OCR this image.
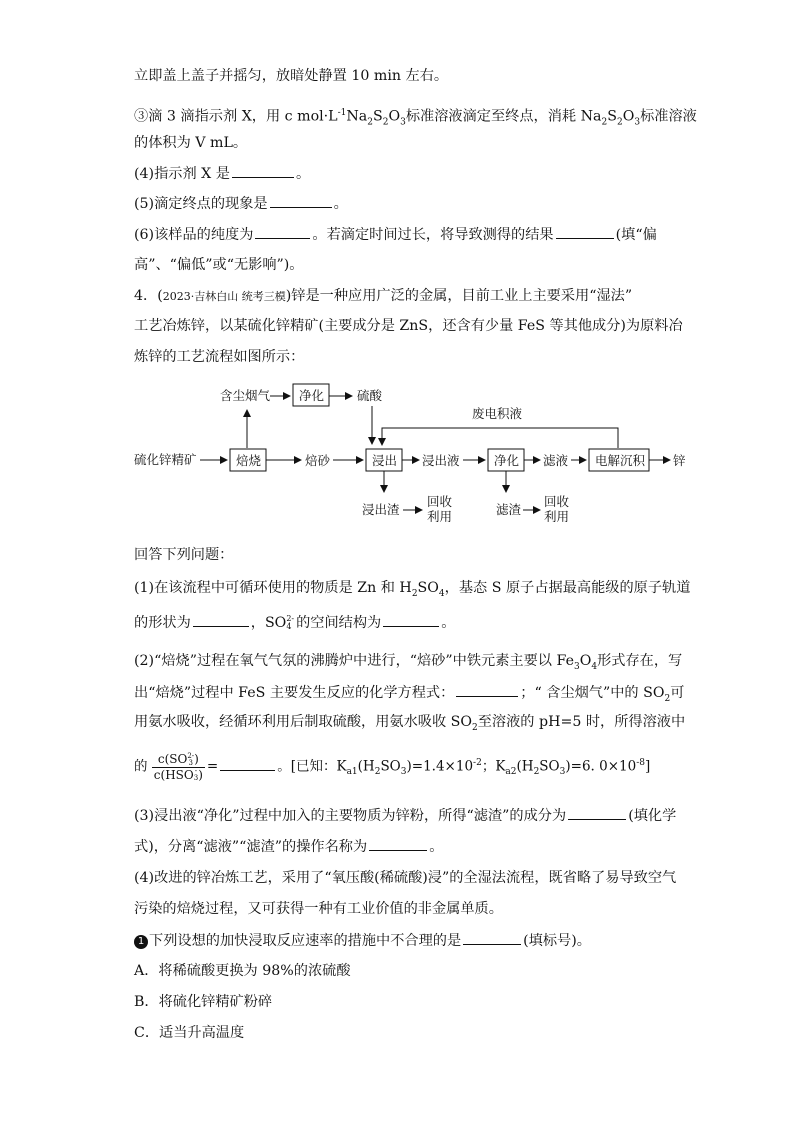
立即盖上盖子并摇匀，放暗处静置 10 min 左右。
③滴 3 滴指示剂 X，用 c $mol\cdot L^{-1}Na_2S_2O_3$标准溶液滴定至终点，消耗 $Na_2S_2O_3$标准溶液
的体积为 V mL。
(4)指示剂 X 是	。
(5)滴定终点的现象是	。
(6)该样品的纯度为	。若滴定时间过长，将导致测得的结果	(填“偏
高”、“偏低”或“无影响”)。
4．(2023·吉林白山 统考三模)锌是一种应用广泛的金属，目前工业上主要采用“湿法”
工艺冶炼锌，以某硫化锌精矿(主要成分是 ZnS，还含有少量 FeS 等其他成分)为原料冶
炼锌的工艺流程如图所示：
含尘烟气 净化	硫酸
废电积液
硫化锌精矿	焙烧	焙砂	浸出 浸出液	净化 滤液 电解沉积 锌
浸出渣
回收
利用	滤渣
回收
利用
回答下列问题：
(1)在该流程中可循环使用的物质是 Zn 和 $H_2SO_4$，基态 S 原子占据最高能级的原子轨道
的形状为	，SO 2-
4 的空间结构为	。
(2)“焙烧”过程在氧气气氛的沸腾炉中进行，“焙砂”中铁元素主要以 $Fe_3O_4$形式存在，写
出“焙烧”过程中 FeS 主要发生反应的化学方程式：	；“ 含尘烟气”中的 $SO_2$可
用氨水吸收，经循环利用后制取硫酸，用氨水吸收 $SO_2$至溶液的 pH=5 时，所得溶液中
的 c(SO 2-
3 )
c(HSO -
3 ) =	。[已知：$K_{a1}(H_2SO_3)=1.4\times 10^{-2}$；$K_{a2}(H_2SO_3)=6$. $0\times 10^{-8}$]
(3)浸出液“净化”过程中加入的主要物质为锌粉，所得“滤渣”的成分为	(填化学
式)，分离“滤液”“滤渣”的操作名称为	。
(4)改进的锌冶炼工艺，采用了“氧压酸(稀硫酸)浸”的全湿法流程，既省略了易导致空气
污染的焙烧过程，又可获得一种有工业价值的非金属单质。
1 下列设想的加快浸取反应速率的措施中不合理的是	(填标号)。
A．将稀硫酸更换为 98%的浓硫酸
B．将硫化锌精矿粉碎
C．适当升高温度
